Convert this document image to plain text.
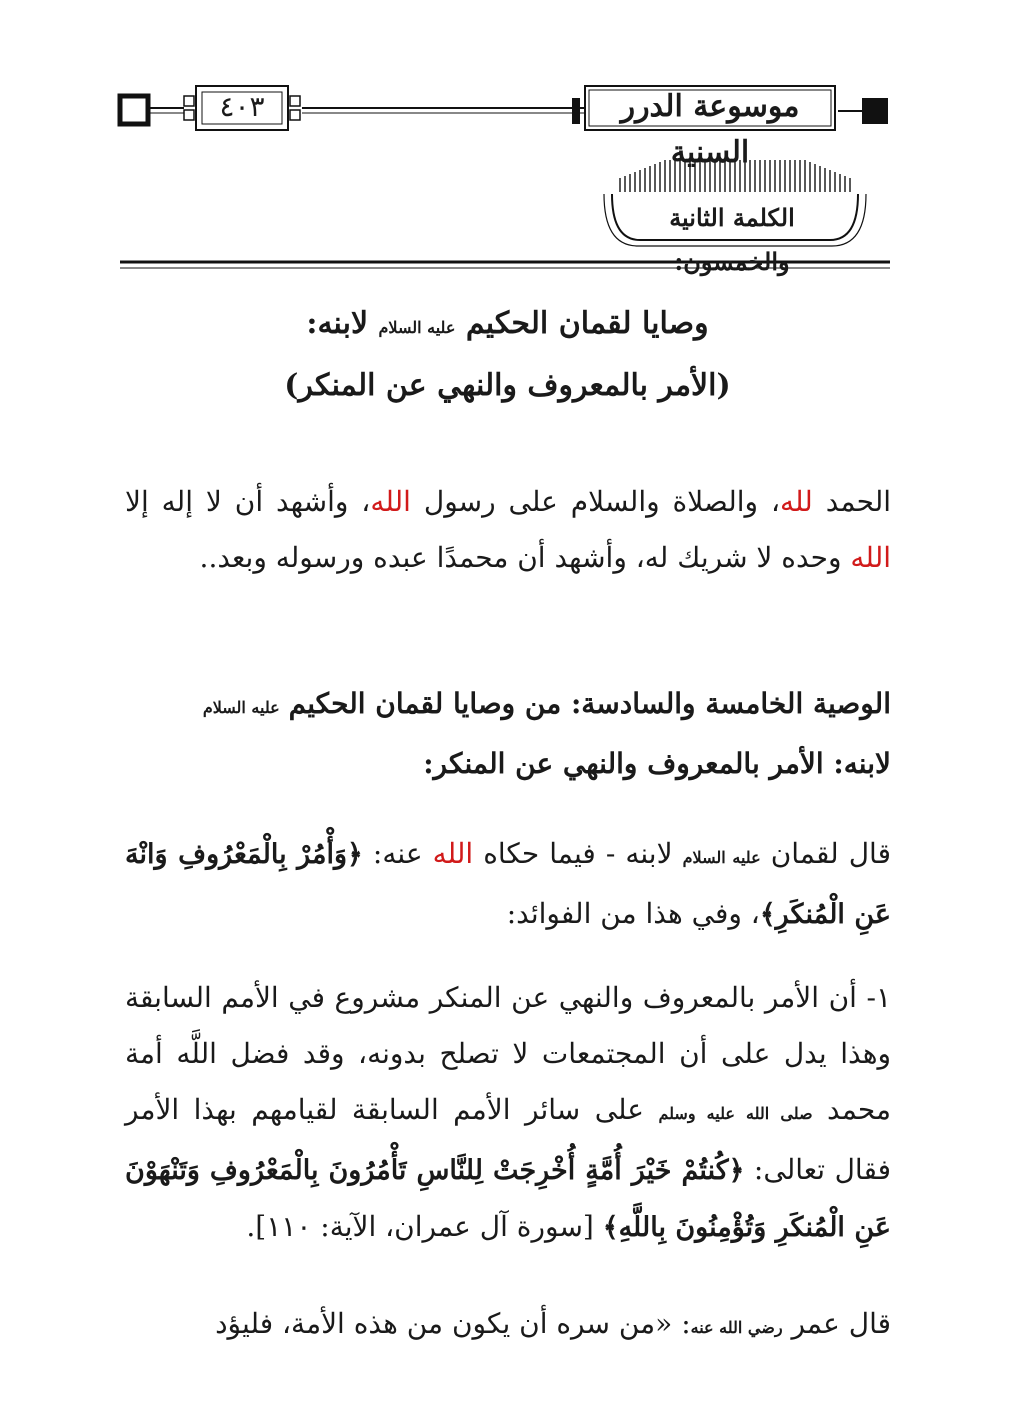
موسوعة الدرر السنية
٤٠٣
الكلمة الثانية والخمسون:
وصايا لقمان الحكيم عليه السلام لابنه:
(الأمر بالمعروف والنهي عن المنكر)
الحمد لله، والصلاة والسلام على رسول الله، وأشهد أن لا إله إلا الله وحده لا شريك له، وأشهد أن محمدًا عبده ورسوله وبعد..
الوصية الخامسة والسادسة: من وصايا لقمان الحكيم عليه السلام
لابنه: الأمر بالمعروف والنهي عن المنكر:
قال لقمان عليه السلام لابنه - فيما حكاه الله عنه: ﴿وَأْمُرْ بِالْمَعْرُوفِ وَانْهَ عَنِ الْمُنكَرِ﴾، وفي هذا من الفوائد:
١- أن الأمر بالمعروف والنهي عن المنكر مشروع في الأمم السابقة وهذا يدل على أن المجتمعات لا تصلح بدونه، وقد فضل اللَّه أمة محمد صلى الله عليه وسلم على سائر الأمم السابقة لقيامهم بهذا الأمر فقال تعالى: ﴿كُنتُمْ خَيْرَ أُمَّةٍ أُخْرِجَتْ لِلنَّاسِ تَأْمُرُونَ بِالْمَعْرُوفِ وَتَنْهَوْنَ عَنِ الْمُنكَرِ وَتُؤْمِنُونَ بِاللَّهِ﴾ [سورة آل عمران، الآية: ١١٠].
قال عمر رضي الله عنه: «من سره أن يكون من هذه الأمة، فليؤد
